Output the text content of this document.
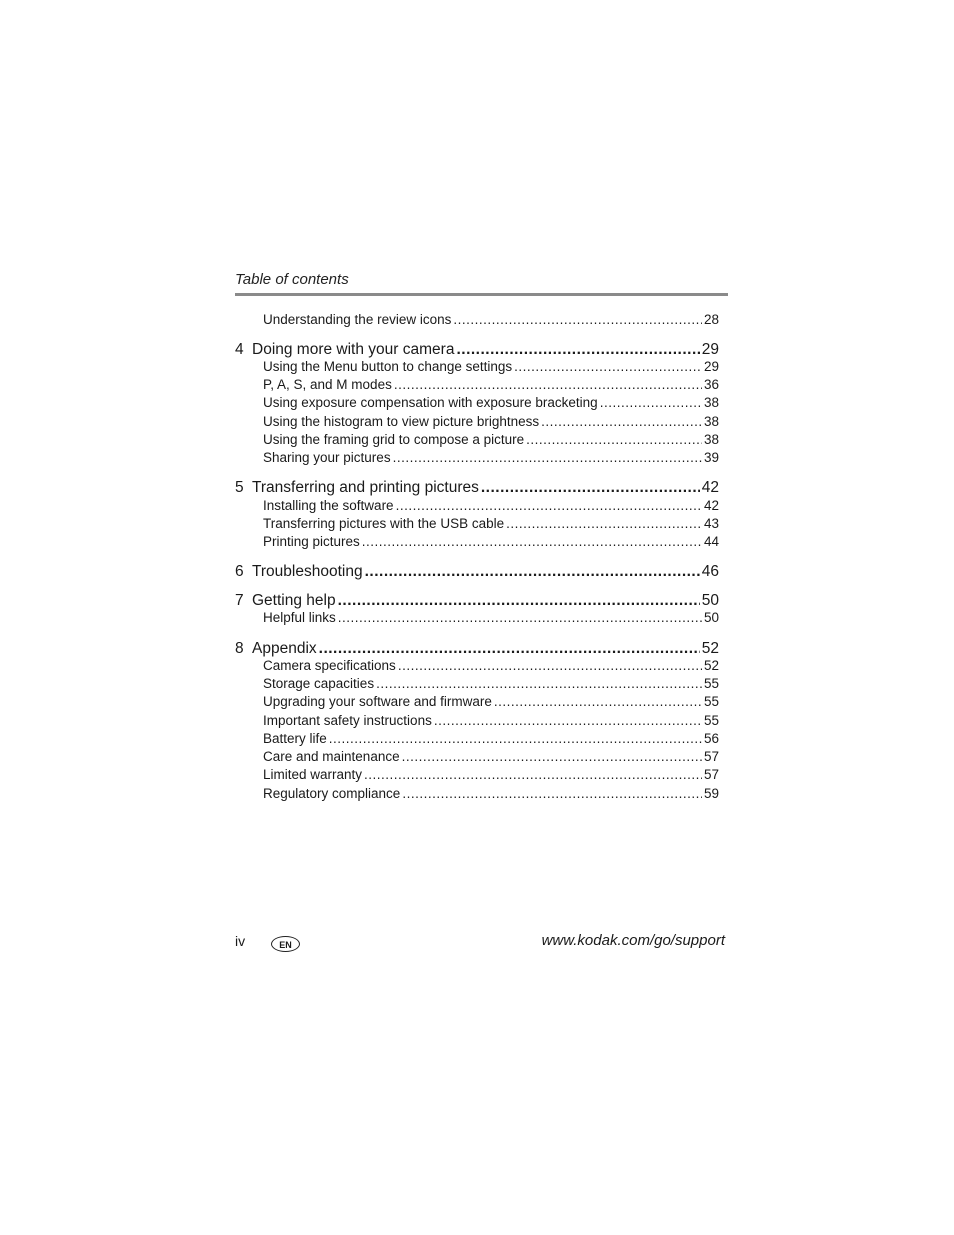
Table of contents
Understanding the review icons .....	28
4 Doing more with your camera .....	29
Using the Menu button to change settings .....	29
P, A, S, and M modes .....	36
Using exposure compensation with exposure bracketing .....	38
Using the histogram to view picture brightness .....	38
Using the framing grid to compose a picture .....	38
Sharing your pictures .....	39
5 Transferring and printing pictures .....	42
Installing the software .....	42
Transferring pictures with the USB cable .....	43
Printing pictures .....	44
6 Troubleshooting .....	46
7 Getting help .....	50
Helpful links .....	50
8 Appendix .....	52
Camera specifications .....	52
Storage capacities .....	55
Upgrading your software and firmware .....	55
Important safety instructions .....	55
Battery life .....	56
Care and maintenance .....	57
Limited warranty .....	57
Regulatory compliance .....	59
iv	EN	www.kodak.com/go/support
